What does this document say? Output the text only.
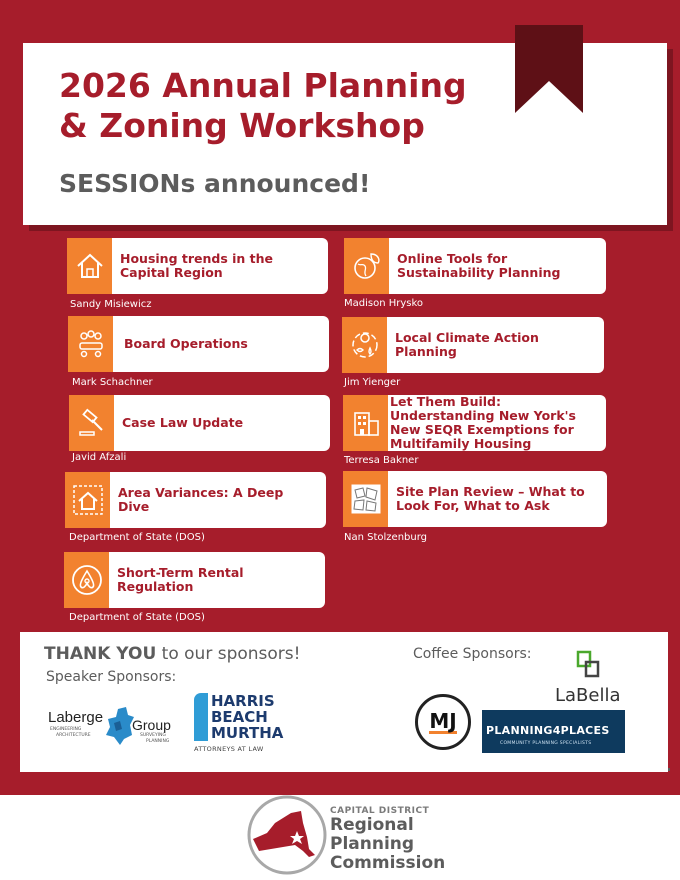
2026 Annual Planning
& Zoning Workshop
SESSIONs announced!
Housing trends in the Capital Region
Sandy Misiewicz
Board Operations
Mark Schachner
Case Law Update
Javid Afzali
Area Variances: A Deep Dive
Department of State (DOS)
Short-Term Rental Regulation
Department of State (DOS)
Online Tools for Sustainability Planning
Madison Hrysko
Local Climate Action Planning
Jim Yienger
Let Them Build: Understanding New York's New SEQR Exemptions for Multifamily Housing
Terresa Bakner
Site Plan Review – What to Look For, What to Ask
Nan Stolzenburg
THANK YOU to our sponsors!
Speaker Sponsors:
Coffee Sponsors:
Laberge Group
ENGINEERING
ARCHITECTURE	SURVEYING
PLANNING
HARRIS
BEACH
MURTHA
ATTORNEYS AT LAW
MJ
LaBella
PLANNING4PLACES
COMMUNITY PLANNING SPECIALISTS
CAPITAL DISTRICT
Regional
Planning
Commission
